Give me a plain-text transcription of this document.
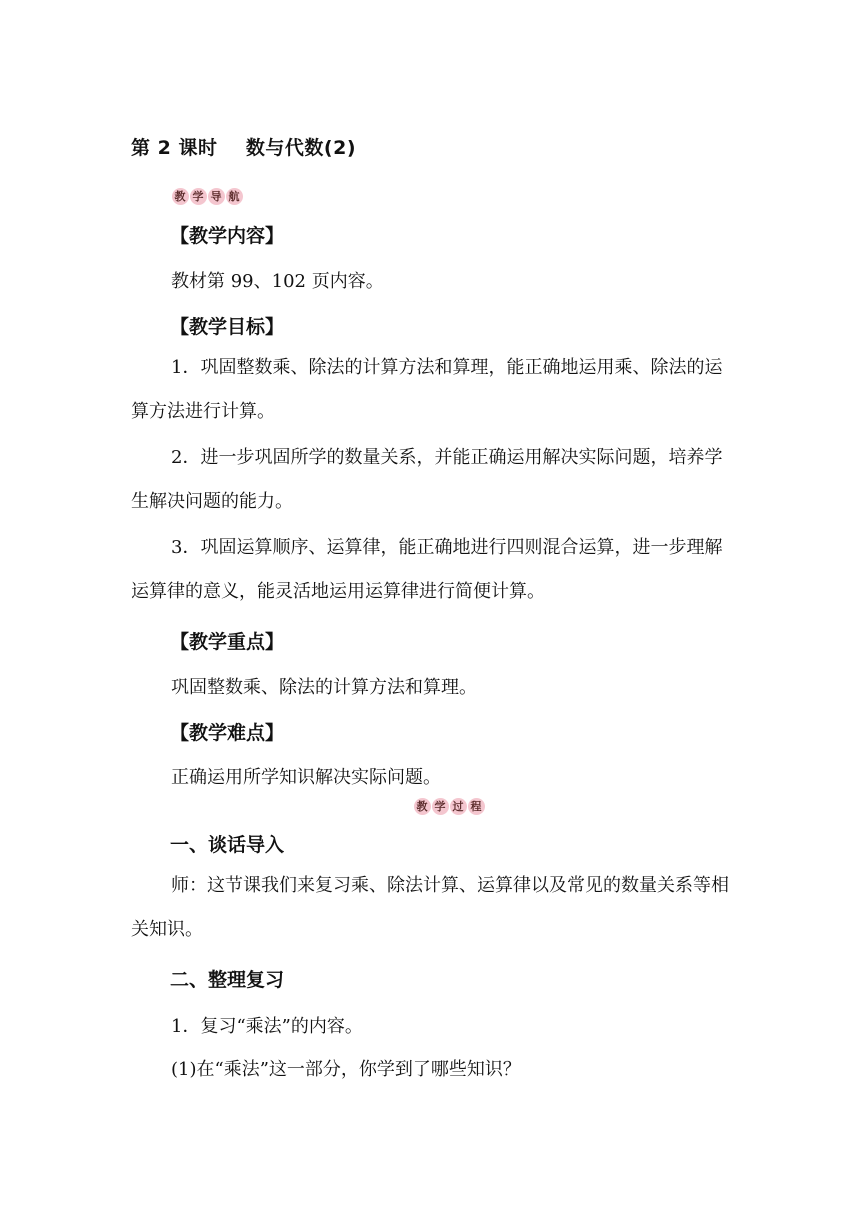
第 2 课时    数与代数(2)
教 学 导 航
【教学内容】
教材第 99、102 页内容。
【教学目标】

1．巩固整数乘、除法的计算方法和算理，能正确地运用乘、除法的运算方法进行计算。

2．进一步巩固所学的数量关系，并能正确运用解决实际问题，培养学生解决问题的能力。

3．巩固运算顺序、运算律，能正确地进行四则混合运算，进一步理解运算律的意义，能灵活地运用运算律进行简便计算。

【教学重点】
巩固整数乘、除法的计算方法和算理。
【教学难点】
正确运用所学知识解决实际问题。
教 学 过 程
一、谈话导入

师：这节课我们来复习乘、除法计算、运算律以及常见的数量关系等相关知识。

二、整理复习
1．复习“乘法”的内容。
(1)在“乘法”这一部分，你学到了哪些知识？
